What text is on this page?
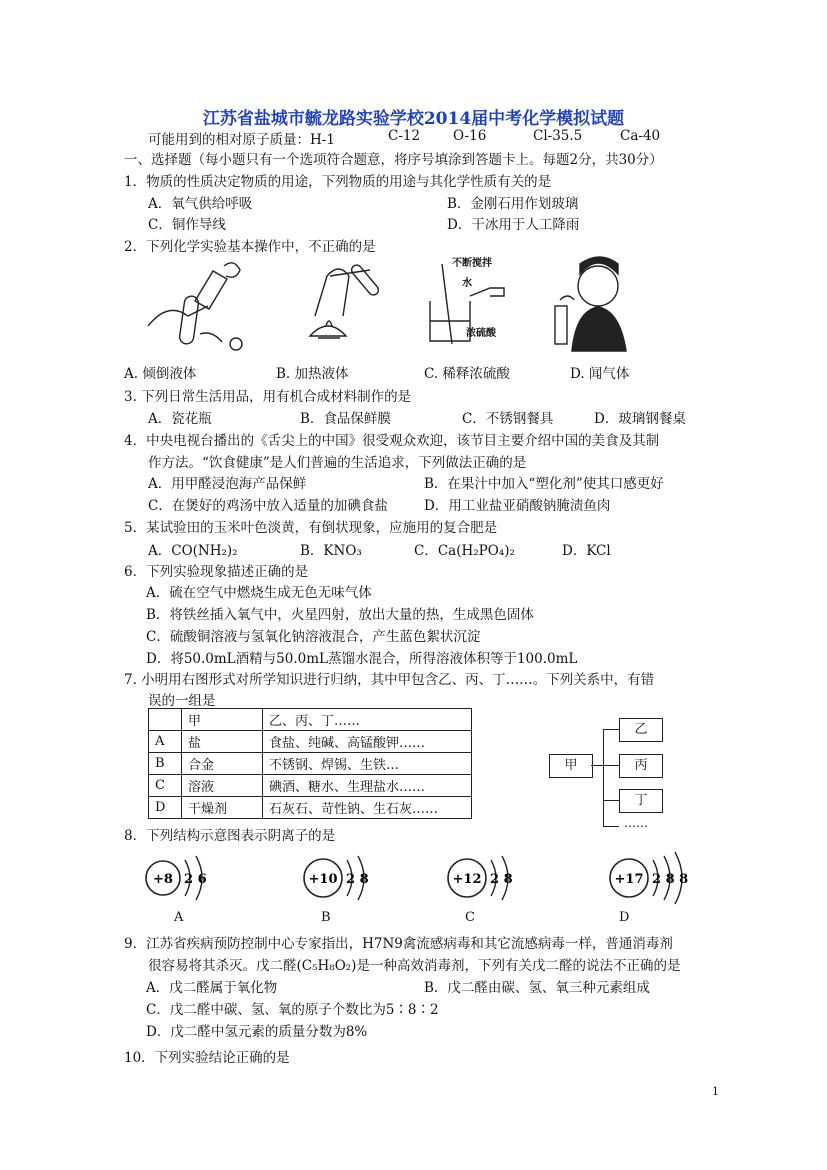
江苏省盐城市毓龙路实验学校2014届中考化学模拟试题
可能用到的相对原子质量：H-1	C-12 O-16	Cl-35.5	Ca-40
一、选择题（每小题只有一个选项符合题意，将序号填涂到答题卡上。每题2分，共30分）
1．物质的性质决定物质的用途，下列物质的用途与其化学性质有关的是
A．氧气供给呼吸	B．金刚石用作划玻璃
C．铜作导线	D．干冰用于人工降雨
2．下列化学实验基本操作中，不正确的是
不断搅拌
水
浓硫酸
A. 倾倒液体	B. 加热液体	C. 稀释浓硫酸	D. 闻气体
3. 下列日常生活用品，用有机合成材料制作的是
A．瓷花瓶	B．食品保鲜膜	C．不锈钢餐具	D．玻璃钢餐桌
4．中央电视台播出的《舌尖上的中国》很受观众欢迎，该节目主要介绍中国的美食及其制
作方法。“饮食健康”是人们普遍的生活追求，下列做法正确的是
A．用甲醛浸泡海产品保鲜	B．在果汁中加入“塑化剂”使其口感更好
C．在煲好的鸡汤中放入适量的加碘食盐	D．用工业盐亚硝酸钠腌渍鱼肉
5．某试验田的玉米叶色淡黄，有倒状现象，应施用的复合肥是
A．CO(NH₂)₂	B．KNO₃	C．Ca(H₂PO₄)₂	D．KCl
6．下列实验现象描述正确的是
A．硫在空气中燃烧生成无色无味气体
B．将铁丝插入氧气中，火星四射，放出大量的热，生成黑色固体
C．硫酸铜溶液与氢氧化钠溶液混合，产生蓝色絮状沉淀
D．将50.0mL酒精与50.0mL蒸馏水混合，所得溶液体积等于100.0mL
7. 小明用右图形式对所学知识进行归纳，其中甲包含乙、丙、丁……。下列关系中，有错
误的一组是
	甲	乙、丙、丁……
A	盐	食盐、纯碱、高锰酸钾……
B	合金	不锈钢、焊锡、生铁…
C	溶液	碘酒、糖水、生理盐水……
D	干燥剂	石灰石、苛性钠、生石灰……
甲
乙
丙
丁
……
8．下列结构示意图表示阴离子的是
+8 2 6	+10 2 8	+12 2 8	+17 2 8 8
A	B	C	D
9．江苏省疾病预防控制中心专家指出，H7N9禽流感病毒和其它流感病毒一样，普通消毒剂
很容易将其杀灭。戊二醛(C₅H₈O₂)是一种高效消毒剂，下列有关戊二醛的说法不正确的是
A．戊二醛属于氧化物	B．戊二醛由碳、氢、氧三种元素组成
C．戊二醛中碳、氢、氧的原子个数比为5∶8∶2
D．戊二醛中氢元素的质量分数为8%
10．下列实验结论正确的是
1
